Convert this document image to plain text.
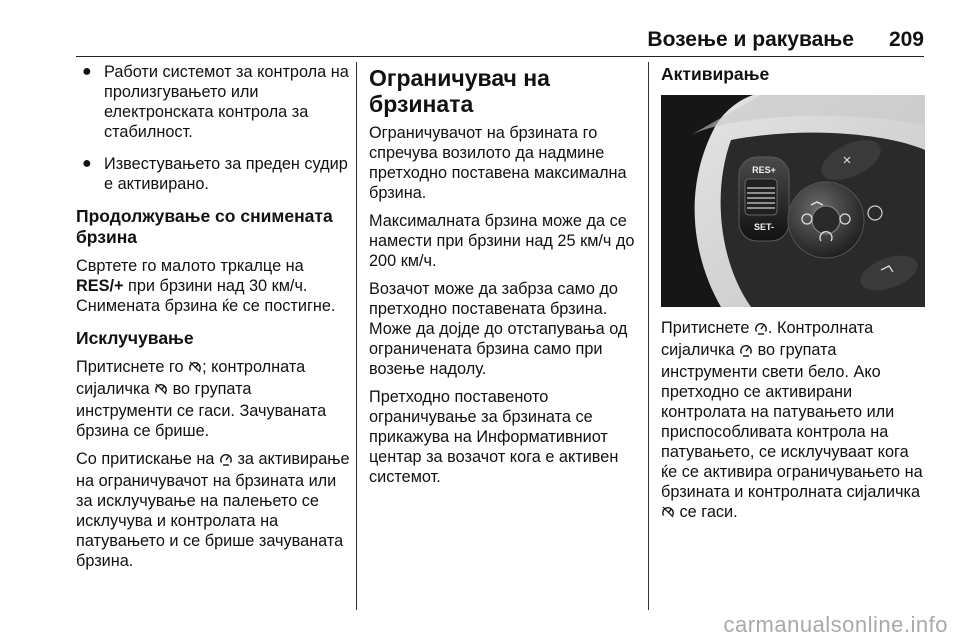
Возење и ракување 209
● Работи системот за контрола на пролизгувањето или електронската контрола за стабилност.
● Известувањето за преден судир е активирано.
Продолжување со снимената брзина

Свртете го малото тркалце на
RES/+ при брзини над 30 км/ч. Снимената брзина ќе се постигне.

Исклучување

Притиснете го ; контролната сијаличка во групата инструменти се гаси. Зачуваната брзина се брише.

Со притискање на за активирање на ограничувачот на брзината или за исклучување на палењето се исклучува и контролата на патувањето и се брише зачуваната брзина.

Ограничувач на брзината

Ограничувачот на брзината го спречува возилото да надмине претходно поставена максимална брзина.

Максималната брзина може да се намести при брзини над 25 км/ч до 200 км/ч.

Возачот може да забрза само до претходно поставената брзина. Може да дојде до отстапувања од ограничената брзина само при возење надолу.

Претходно поставеното ограничување за брзината се прикажува на Информативниот центар за возачот кога е активен системот.

Активирање
RES+
SET-

Притиснете . Контролната сијаличка во групата инструменти свети бело. Ако претходно се активирани контролата на патувањето или приспособливата контрола на патувањето, се исклучуваат кога ќе се активира ограничувањето на брзината и контролната сијаличка
се гаси.

carmanualsonline.info
